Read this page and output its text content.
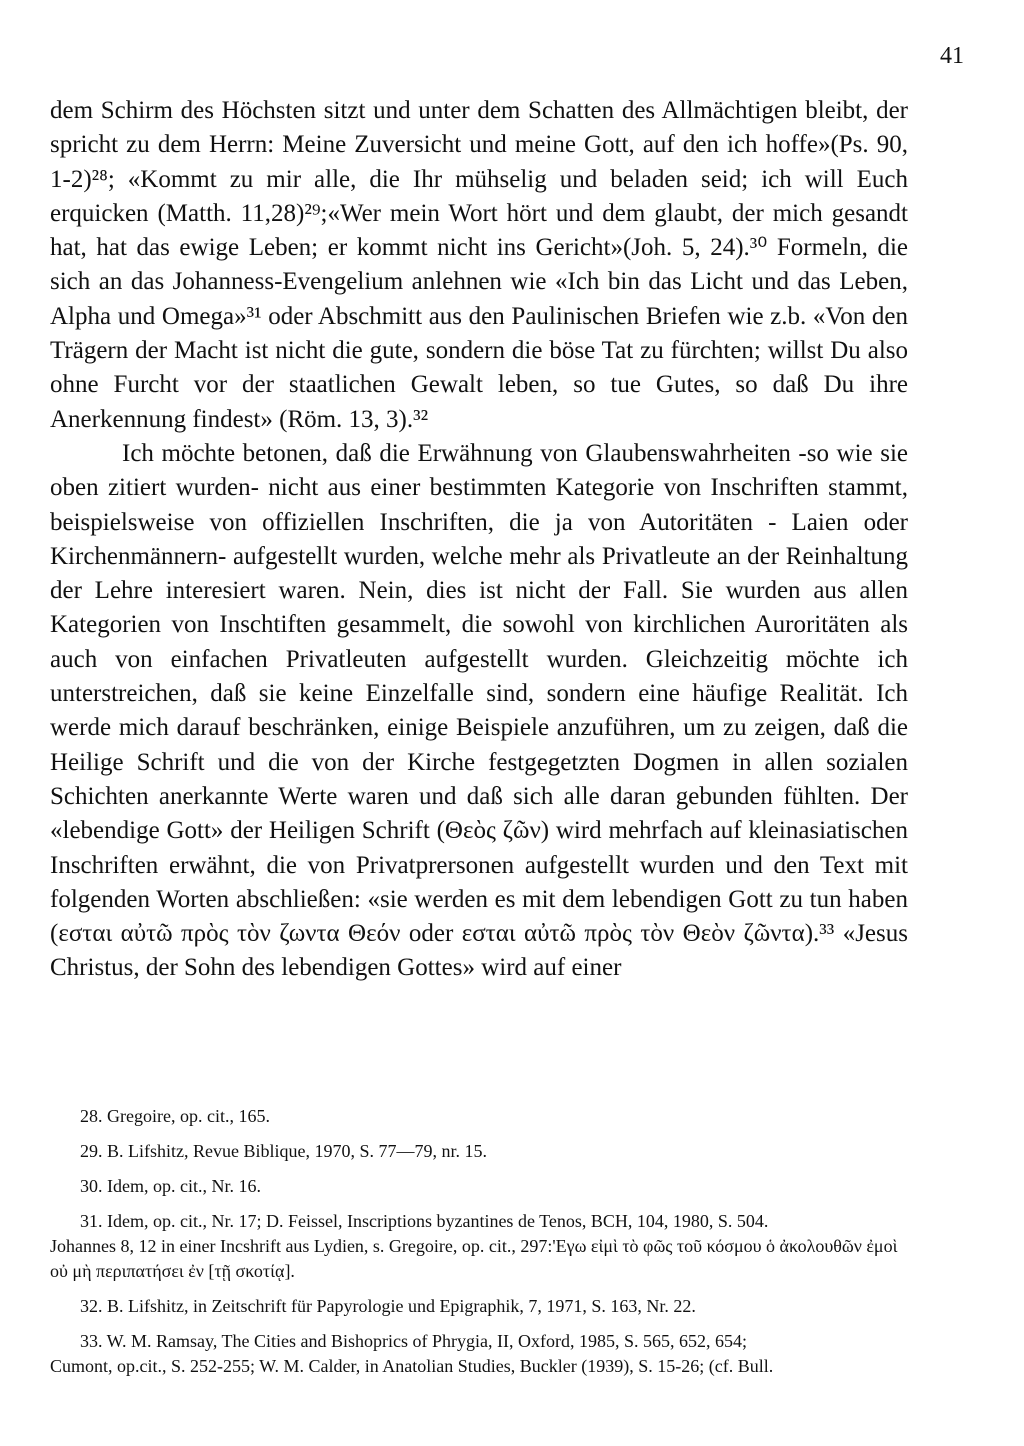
41

dem Schirm des Höchsten sitzt und unter dem Schatten des Allmächtigen bleibt, der spricht zu dem Herrn: Meine Zuversicht und meine Gott, auf den ich hoffe»(Ps. 90, 1-2)²⁸; «Kommt zu mir alle, die Ihr mühselig und beladen seid; ich will Euch erquicken (Matth. 11,28)²⁹;«Wer mein Wort hört und dem glaubt, der mich gesandt hat, hat das ewige Leben; er kommt nicht ins Gericht»(Joh. 5, 24).³⁰ Formeln, die sich an das Johanness-Evengelium anlehnen wie «Ich bin das Licht und das Leben, Alpha und Omega»³¹ oder Abschmitt aus den Paulinischen Briefen wie z.b. «Von den Trägern der Macht ist nicht die gute, sondern die böse Tat zu fürchten; willst Du also ohne Furcht vor der staatlichen Gewalt leben, so tue Gutes, so daß Du ihre Anerkennung findest» (Röm. 13, 3).³²

Ich möchte betonen, daß die Erwähnung von Glaubenswahrheiten -so wie sie oben zitiert wurden- nicht aus einer bestimmten Kategorie von Inschriften stammt, beispielsweise von offiziellen Inschriften, die ja von Autoritäten - Laien oder Kirchenmännern- aufgestellt wurden, welche mehr als Privatleute an der Reinhaltung der Lehre interesiert waren. Nein, dies ist nicht der Fall. Sie wurden aus allen Kategorien von Inschtiften gesammelt, die sowohl von kirchlichen Auroritäten als auch von einfachen Privatleuten aufgestellt wurden. Gleichzeitig möchte ich unterstreichen, daß sie keine Einzelfalle sind, sondern eine häufige Realität. Ich werde mich darauf beschränken, einige Beispiele anzuführen, um zu zeigen, daß die Heilige Schrift und die von der Kirche festgegetzten Dogmen in allen sozialen Schichten anerkannte Werte waren und daß sich alle daran gebunden fühlten. Der «lebendige Gott» der Heiligen Schrift (Θεὸς ζῶν) wird mehrfach auf kleinasiatischen Inschriften erwähnt, die von Privatprersonen aufgestellt wurden und den Text mit folgenden Worten abschließen: «sie werden es mit dem lebendigen Gott zu tun haben (εσται αὐτῶ πρὸς τὸν ζωντα Θεόν oder εσται αὐτῶ πρὸς τὸν Θεὸν ζῶντα).³³ «Jesus Christus, der Sohn des lebendigen Gottes» wird auf einer

28. Gregoire, op. cit., 165.

29. B. Lifshitz, Revue Biblique, 1970, S. 77—79, nr. 15.

30. Idem, op. cit., Nr. 16.

31. Idem, op. cit., Nr. 17; D. Feissel, Inscriptions byzantines de Tenos, BCH, 104, 1980, S. 504.

Johannes 8, 12 in einer Incshrift aus Lydien, s. Gregoire, op. cit., 297:'Εγω εἰμὶ τὸ φῶς τοῦ κόσμου ὁ ἀκολουθῶν ἐμοὶ οὐ μὴ περιπατήσει ἐν [τῇ σκοτίᾳ].

32. B. Lifshitz, in Zeitschrift für Papyrologie und Epigraphik, 7, 1971, S. 163, Nr. 22.

33. W. M. Ramsay, The Cities and Bishoprics of Phrygia, II, Oxford, 1985, S. 565, 652, 654;

Cumont, op.cit., S. 252-255; W. M. Calder, in Anatolian Studies, Buckler (1939), S. 15-26; (cf. Bull.
